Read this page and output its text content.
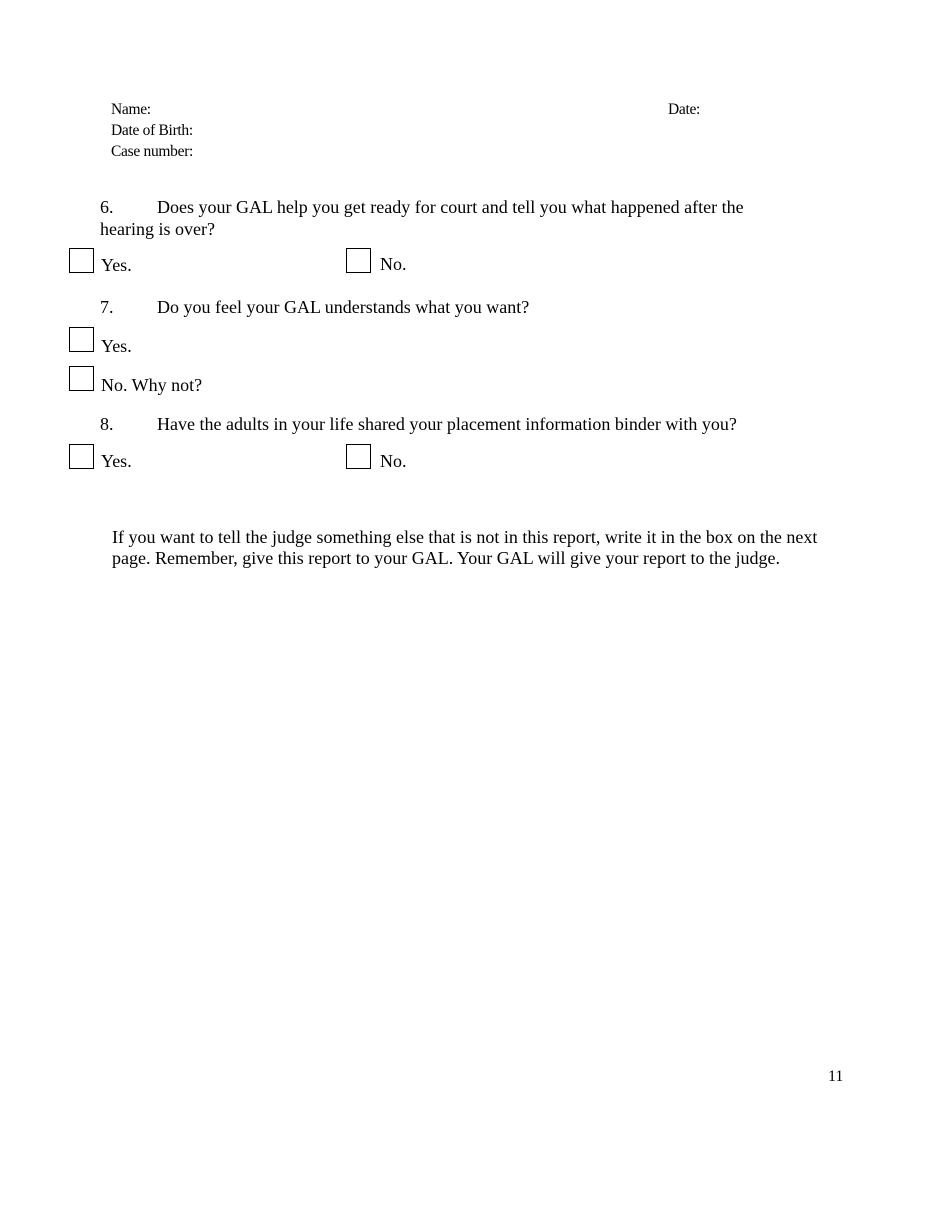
Name:	Date:
Date of Birth:
Case number:
6. Does your GAL help you get ready for court and tell you what happened after the
hearing is over?
Yes.	No.
7. Do you feel your GAL understands what you want?
Yes.
No. Why not?
8. Have the adults in your life shared your placement information binder with you?
Yes.	No.
If you want to tell the judge something else that is not in this report, write it in the box on the next
page. Remember, give this report to your GAL. Your GAL will give your report to the judge.
11
